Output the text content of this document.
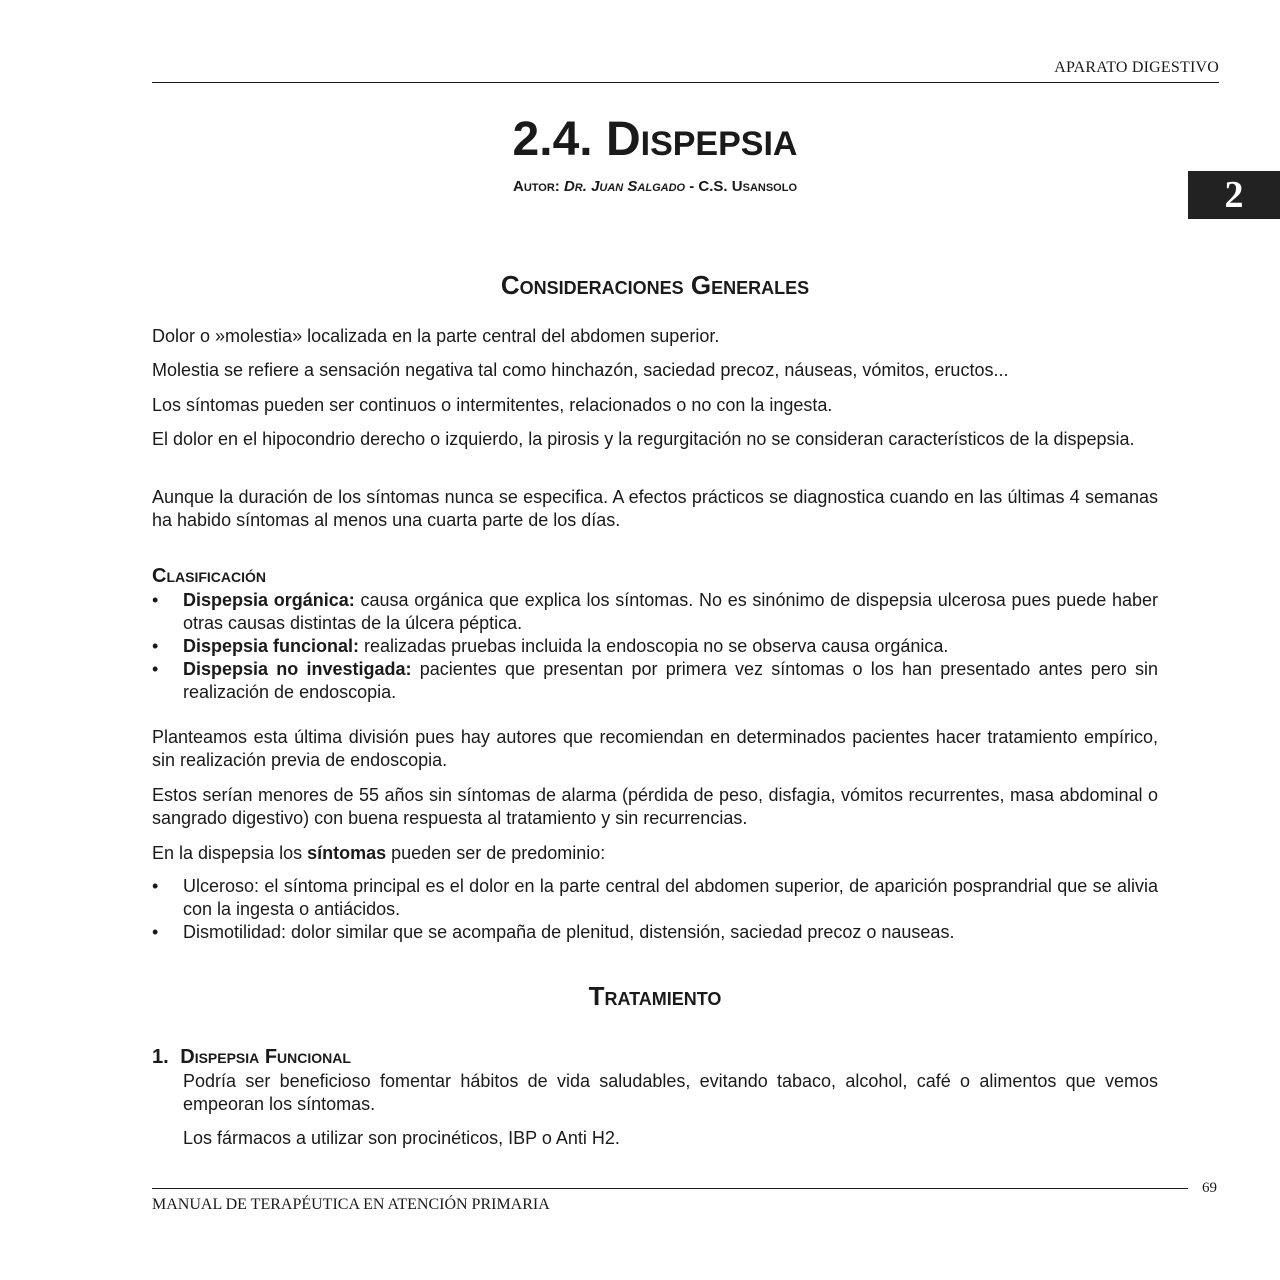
APARATO DIGESTIVO
2
2.4. Dispepsia
Autor: Dr. Juan Salgado - C.S. Usansolo
Consideraciones Generales

Dolor o »molestia» localizada en la parte central del abdomen superior.

Molestia se refiere a sensación negativa tal como hinchazón, saciedad precoz, náuseas, vómitos, eructos...

Los síntomas pueden ser continuos o intermitentes, relacionados o no con la ingesta.

El dolor en el hipocondrio derecho o izquierdo, la pirosis y la regurgitación no se consideran característicos de la dispepsia.

Aunque la duración de los síntomas nunca se especifica. A efectos prácticos se diagnostica cuando en las últimas 4 semanas ha habido síntomas al menos una cuarta parte de los días.

Clasificación
• Dispepsia orgánica: causa orgánica que explica los síntomas. No es sinónimo de dispepsia ulcerosa pues puede haber otras causas distintas de la úlcera péptica.
• Dispepsia funcional: realizadas pruebas incluida la endoscopia no se observa causa orgánica.
• Dispepsia no investigada: pacientes que presentan por primera vez síntomas o los han presentado antes pero sin realización de endoscopia.

Planteamos esta última división pues hay autores que recomiendan en determinados pacientes hacer tratamiento empírico, sin realización previa de endoscopia.

Estos serían menores de 55 años sin síntomas de alarma (pérdida de peso, disfagia, vómitos recurrentes, masa abdominal o sangrado digestivo) con buena respuesta al tratamiento y sin recurrencias.

En la dispepsia los síntomas pueden ser de predominio:

• Ulceroso: el síntoma principal es el dolor en la parte central del abdomen superior, de aparición posprandrial que se alivia con la ingesta o antiácidos.
• Dismotilidad: dolor similar que se acompaña de plenitud, distensión, saciedad precoz o nauseas.
Tratamiento
1. Dispepsia Funcional

Podría ser beneficioso fomentar hábitos de vida saludables, evitando tabaco, alcohol, café o alimentos que vemos empeoran los síntomas.

Los fármacos a utilizar son procinéticos, IBP o Anti H2.

69
MANUAL DE TERAPÉUTICA EN ATENCIÓN PRIMARIA
